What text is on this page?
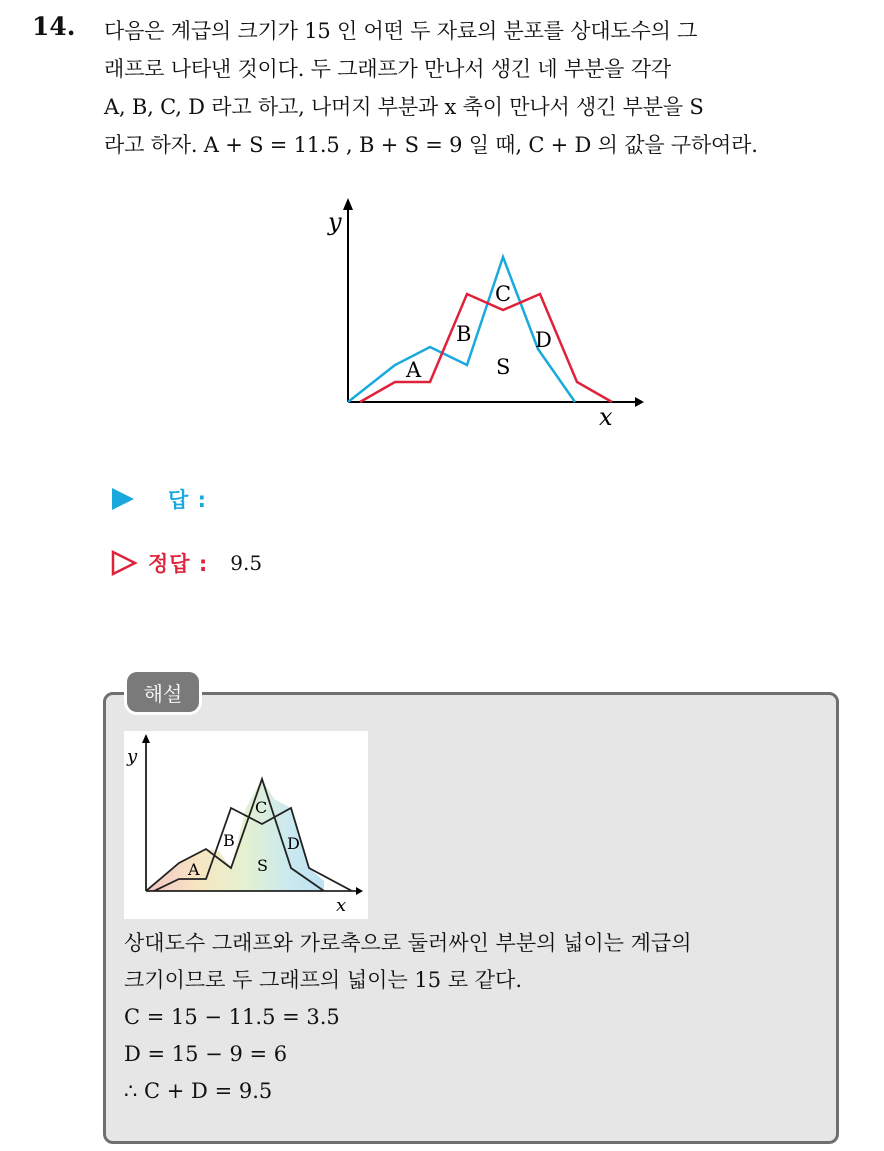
14. 다음은 계급의 크기가 15 인 어떤 두 자료의 분포를 상대도수의 그
래프로 나타낸 것이다. 두 그래프가 만나서 생긴 네 부분을 각각
A, B, C, D 라고 하고, 나머지 부분과 x 축이 만나서 생긴 부분을 S
라고 하자. A + S = 11.5 , B + S = 9 일 때, C + D 의 값을 구하여라.
y
x
A
B
C
D
S
답 :
정답 : 9.5
해설
y
x
A
B
C
D
S
상대도수 그래프와 가로축으로 둘러싸인 부분의 넓이는 계급의
크기이므로 두 그래프의 넓이는 15 로 같다.
C = 15 − 11.5 = 3.5
D = 15 − 9 = 6
∴ C + D = 9.5
